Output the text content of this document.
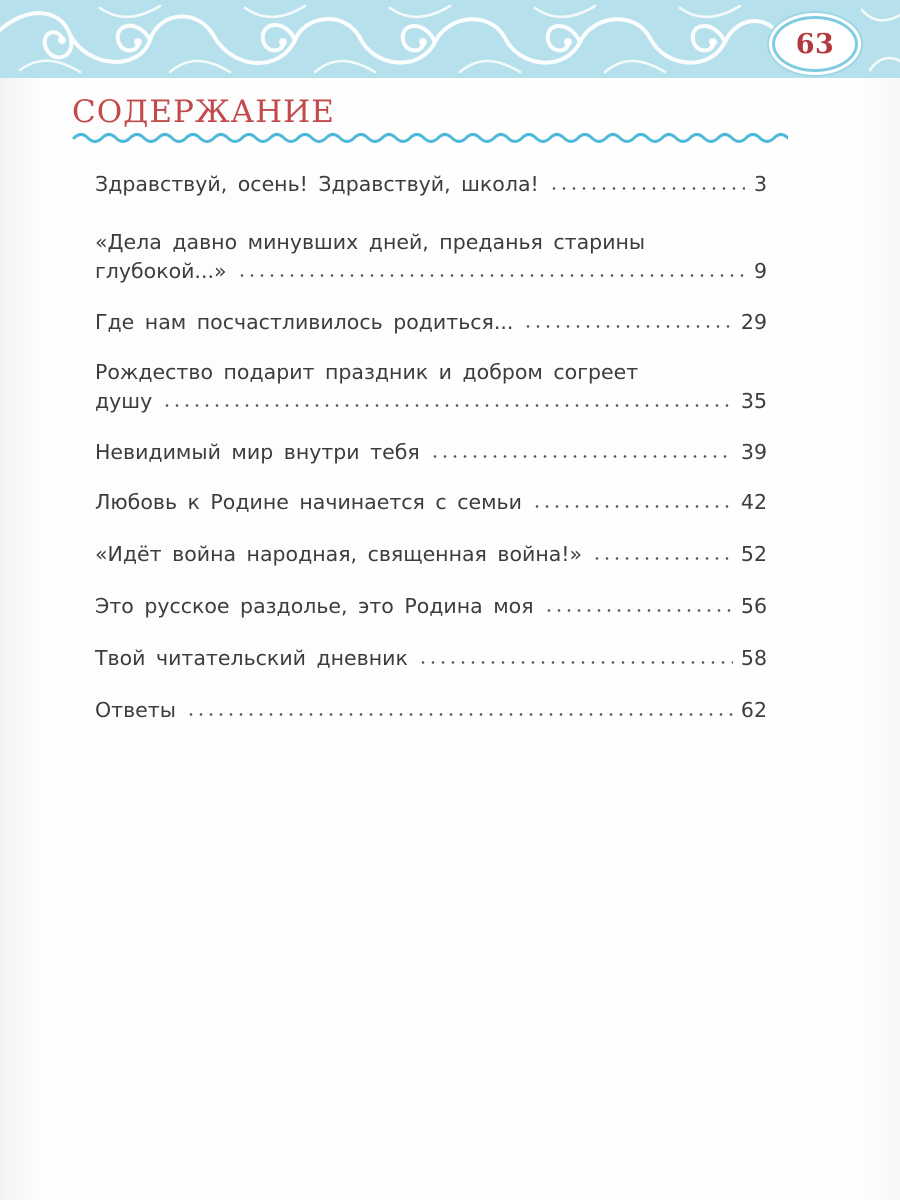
63
СОДЕРЖАНИЕ
Здравствуй, осень! Здравствуй, школа!	3
«Дела давно минувших дней, преданья старины
глубокой...»	9
Где нам посчастливилось родиться...	29
Рождество подарит праздник и добром согреет
душу	35
Невидимый мир внутри тебя	39
Любовь к Родине начинается с семьи	42
«Идёт война народная, священная война!»	52
Это русское раздолье, это Родина моя	56
Твой читательский дневник	58
Ответы	62
